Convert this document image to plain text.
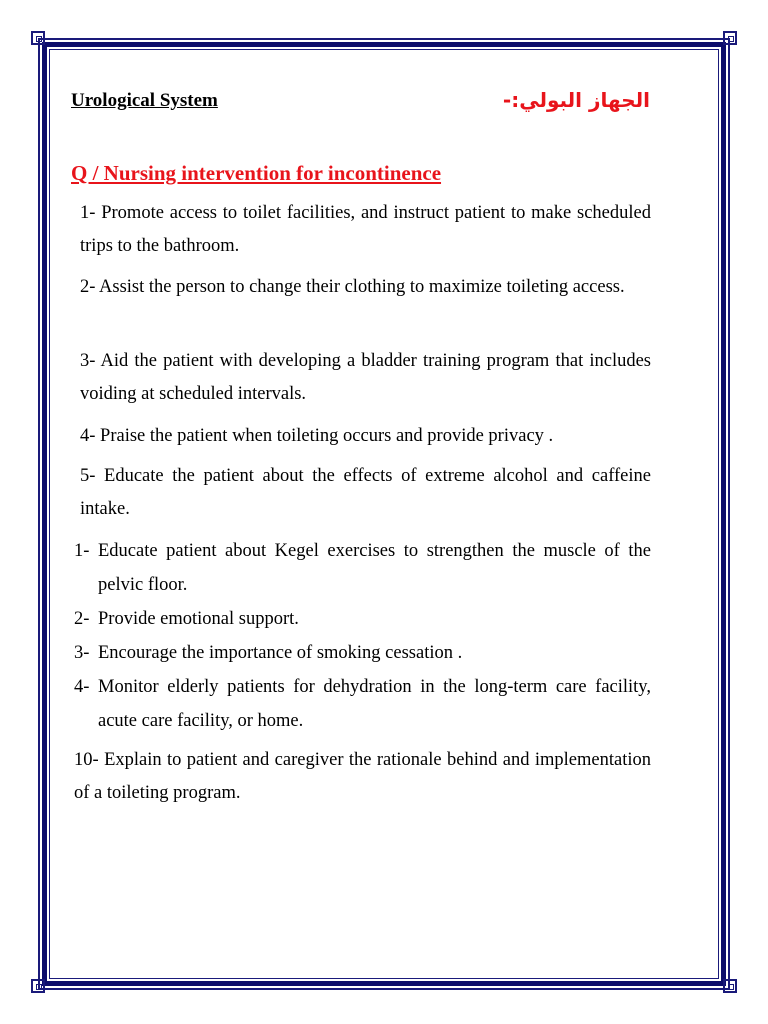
Urological System	الجهاز البولي:-
Q / Nursing intervention for incontinence
1- Promote access to toilet facilities, and instruct patient to make scheduled trips to the bathroom.
2- Assist the person to change their clothing to maximize toileting access.
3- Aid the patient with developing a bladder training program that includes voiding at scheduled intervals.
4- Praise the patient when toileting occurs and provide privacy .
5- Educate the patient about the effects of extreme alcohol and caffeine intake.
1- Educate patient about Kegel exercises to strengthen the muscle of the pelvic floor.
2- Provide emotional support.
3- Encourage the importance of smoking cessation .
4- Monitor elderly patients for dehydration in the long-term care facility, acute care facility, or home.
10- Explain to patient and caregiver the rationale behind and implementation of a toileting program.
